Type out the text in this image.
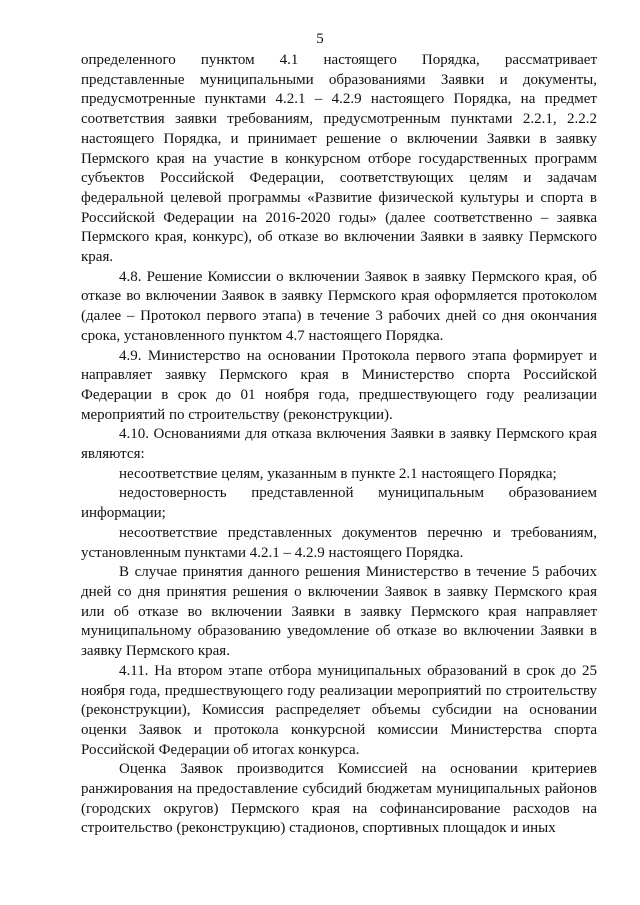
5

определенного пунктом 4.1 настоящего Порядка, рассматривает представленные муниципальными образованиями Заявки и документы, предусмотренные пунктами 4.2.1 – 4.2.9 настоящего Порядка, на предмет соответствия заявки требованиям, предусмотренным пунктами 2.2.1, 2.2.2 настоящего Порядка, и принимает решение о включении Заявки в заявку Пермского края на участие в конкурсном отборе государственных программ субъектов Российской Федерации, соответствующих целям и задачам федеральной целевой программы «Развитие физической культуры и спорта в Российской Федерации на 2016-2020 годы» (далее соответственно – заявка Пермского края, конкурс), об отказе во включении Заявки в заявку Пермского края.

4.8. Решение Комиссии о включении Заявок в заявку Пермского края, об отказе во включении Заявок в заявку Пермского края оформляется протоколом (далее – Протокол первого этапа) в течение 3 рабочих дней со дня окончания срока, установленного пунктом 4.7 настоящего Порядка.

4.9. Министерство на основании Протокола первого этапа формирует и направляет заявку Пермского края в Министерство спорта Российской Федерации в срок до 01 ноября года, предшествующего году реализации мероприятий по строительству (реконструкции).

4.10. Основаниями для отказа включения Заявки в заявку Пермского края являются:

несоответствие целям, указанным в пункте 2.1 настоящего Порядка;

недостоверность представленной муниципальным образованием информации;

несоответствие представленных документов перечню и требованиям, установленным пунктами 4.2.1 – 4.2.9 настоящего Порядка.

В случае принятия данного решения Министерство в течение 5 рабочих дней со дня принятия решения о включении Заявок в заявку Пермского края или об отказе во включении Заявки в заявку Пермского края направляет муниципальному образованию уведомление об отказе во включении Заявки в заявку Пермского края.

4.11. На втором этапе отбора муниципальных образований в срок до 25 ноября года, предшествующего году реализации мероприятий по строительству (реконструкции), Комиссия распределяет объемы субсидии на основании оценки Заявок и протокола конкурсной комиссии Министерства спорта Российской Федерации об итогах конкурса.

Оценка Заявок производится Комиссией на основании критериев ранжирования на предоставление субсидий бюджетам муниципальных районов (городских округов) Пермского края на софинансирование расходов на строительство (реконструкцию) стадионов, спортивных площадок и иных
